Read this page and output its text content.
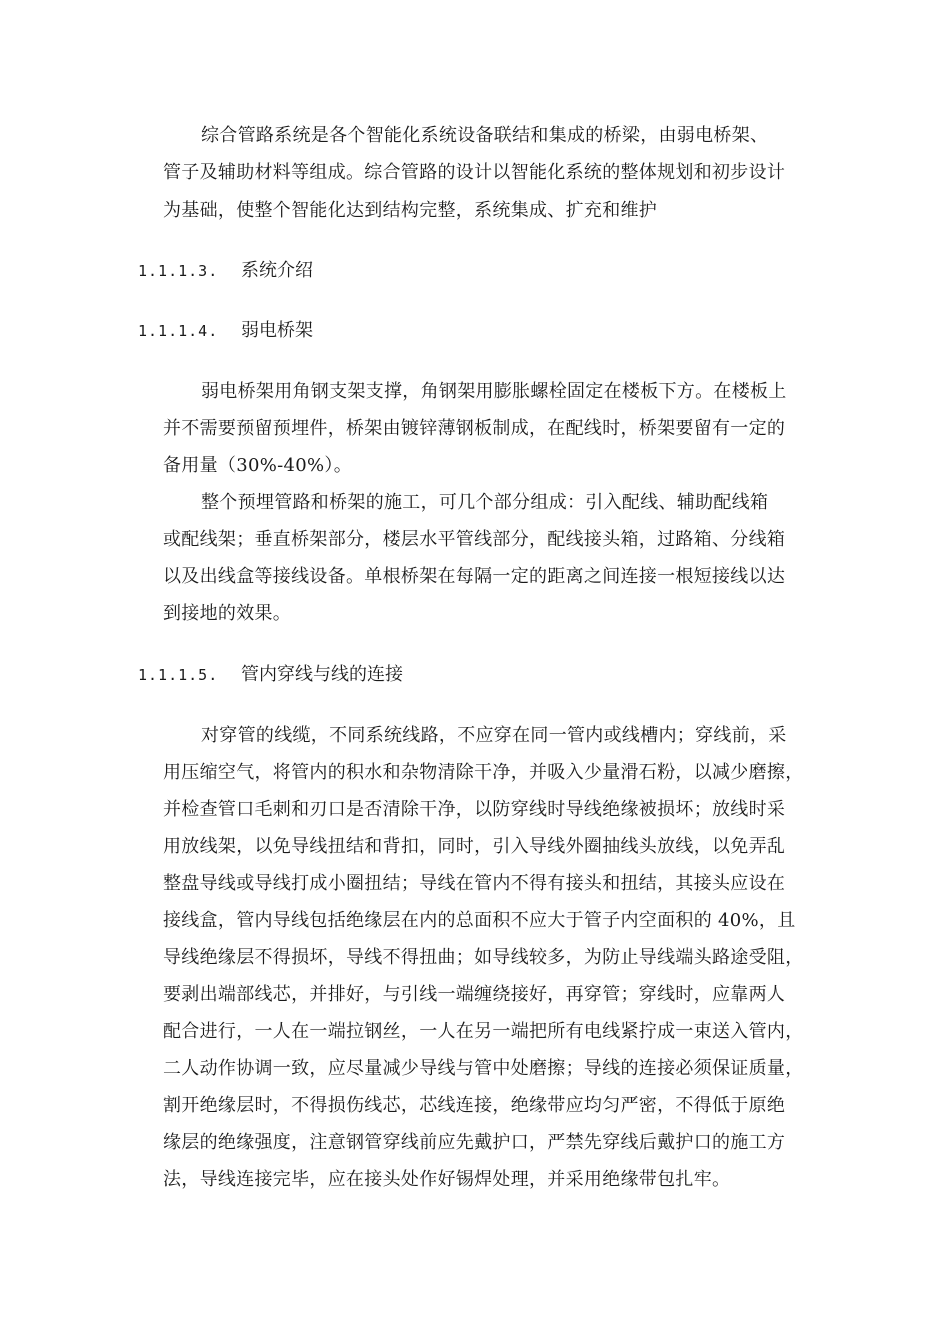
综合管路系统是各个智能化系统设备联结和集成的桥梁，由弱电桥架、
管子及辅助材料等组成。综合管路的设计以智能化系统的整体规划和初步设计
为基础，使整个智能化达到结构完整，系统集成、扩充和维护
1.1.1.3. 系统介绍
1.1.1.4. 弱电桥架
弱电桥架用角钢支架支撑，角钢架用膨胀螺栓固定在楼板下方。在楼板上
并不需要预留预埋件，桥架由镀锌薄钢板制成，在配线时，桥架要留有一定的
备用量（30%-40%）。
整个预埋管路和桥架的施工，可几个部分组成：引入配线、辅助配线箱
或配线架；垂直桥架部分，楼层水平管线部分，配线接头箱，过路箱、分线箱
以及出线盒等接线设备。单根桥架在每隔一定的距离之间连接一根短接线以达
到接地的效果。
1.1.1.5. 管内穿线与线的连接
对穿管的线缆，不同系统线路，不应穿在同一管内或线槽内；穿线前，采
用压缩空气，将管内的积水和杂物清除干净，并吸入少量滑石粉，以减少磨擦，
并检查管口毛刺和刃口是否清除干净，以防穿线时导线绝缘被损坏；放线时采
用放线架，以免导线扭结和背扣，同时，引入导线外圈抽线头放线，以免弄乱
整盘导线或导线打成小圈扭结；导线在管内不得有接头和扭结，其接头应设在
接线盒，管内导线包括绝缘层在内的总面积不应大于管子内空面积的 40%，且
导线绝缘层不得损坏，导线不得扭曲；如导线较多，为防止导线端头路途受阻，
要剥出端部线芯，并排好，与引线一端缠绕接好，再穿管；穿线时，应靠两人
配合进行，一人在一端拉钢丝，一人在另一端把所有电线紧拧成一束送入管内，
二人动作协调一致，应尽量减少导线与管中处磨擦；导线的连接必须保证质量，
割开绝缘层时，不得损伤线芯，芯线连接，绝缘带应均匀严密，不得低于原绝
缘层的绝缘强度，注意钢管穿线前应先戴护口，严禁先穿线后戴护口的施工方
法，导线连接完毕，应在接头处作好锡焊处理，并采用绝缘带包扎牢。
